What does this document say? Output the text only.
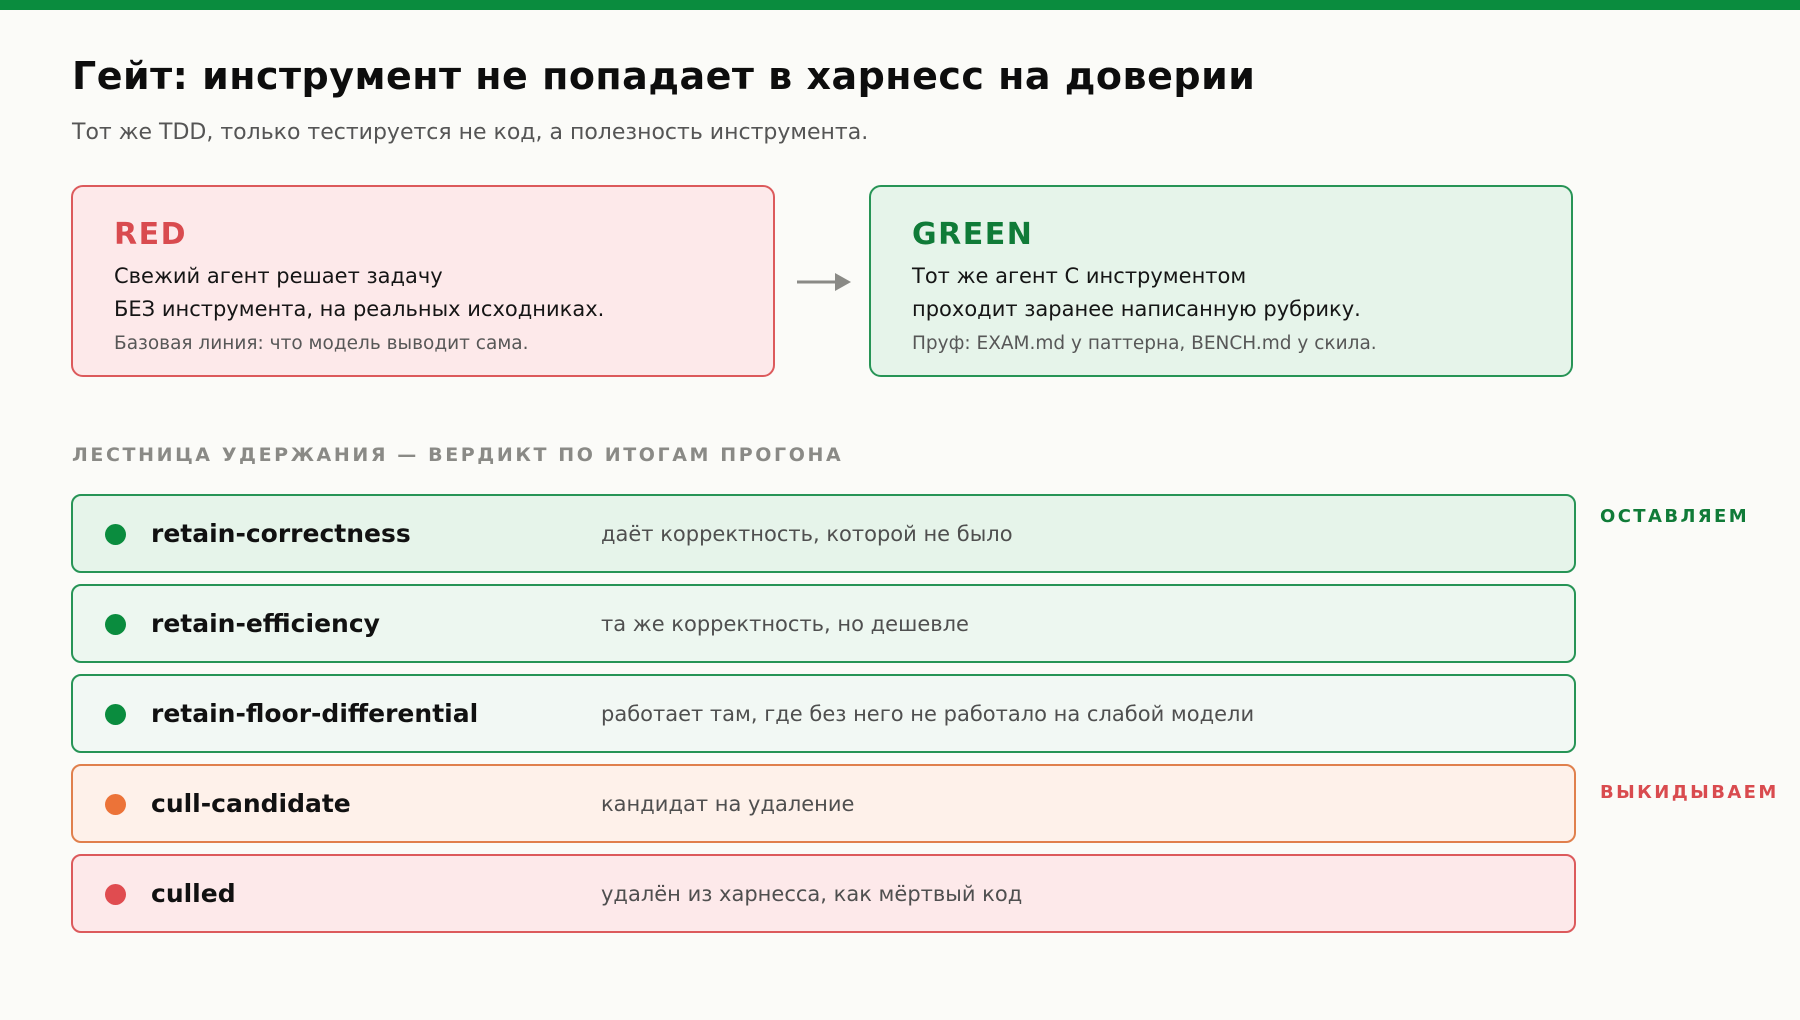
Гейт: инструмент не попадает в харнесс на доверии

Тот же TDD, только тестируется не код, а полезность инструмента.

RED
Свежий агент решает задачу
БЕЗ инструмента, на реальных исходниках.
Базовая линия: что модель выводит сама.
GREEN
Тот же агент С инструментом
проходит заранее написанную рубрику.
Пруф: EXAM.md у паттерна, BENCH.md у скила.
ЛЕСТНИЦА УДЕРЖАНИЯ — ВЕРДИКТ ПО ИТОГАМ ПРОГОНА
retain-correctness	даёт корректность, которой не было
retain-efficiency	та же корректность, но дешевле
retain-floor-differential	работает там, где без него не работало на слабой модели
cull-candidate	кандидат на удаление
culled	удалён из харнесса, как мёртвый код
ОСТАВЛЯЕМ
ВЫКИДЫВАЕМ
